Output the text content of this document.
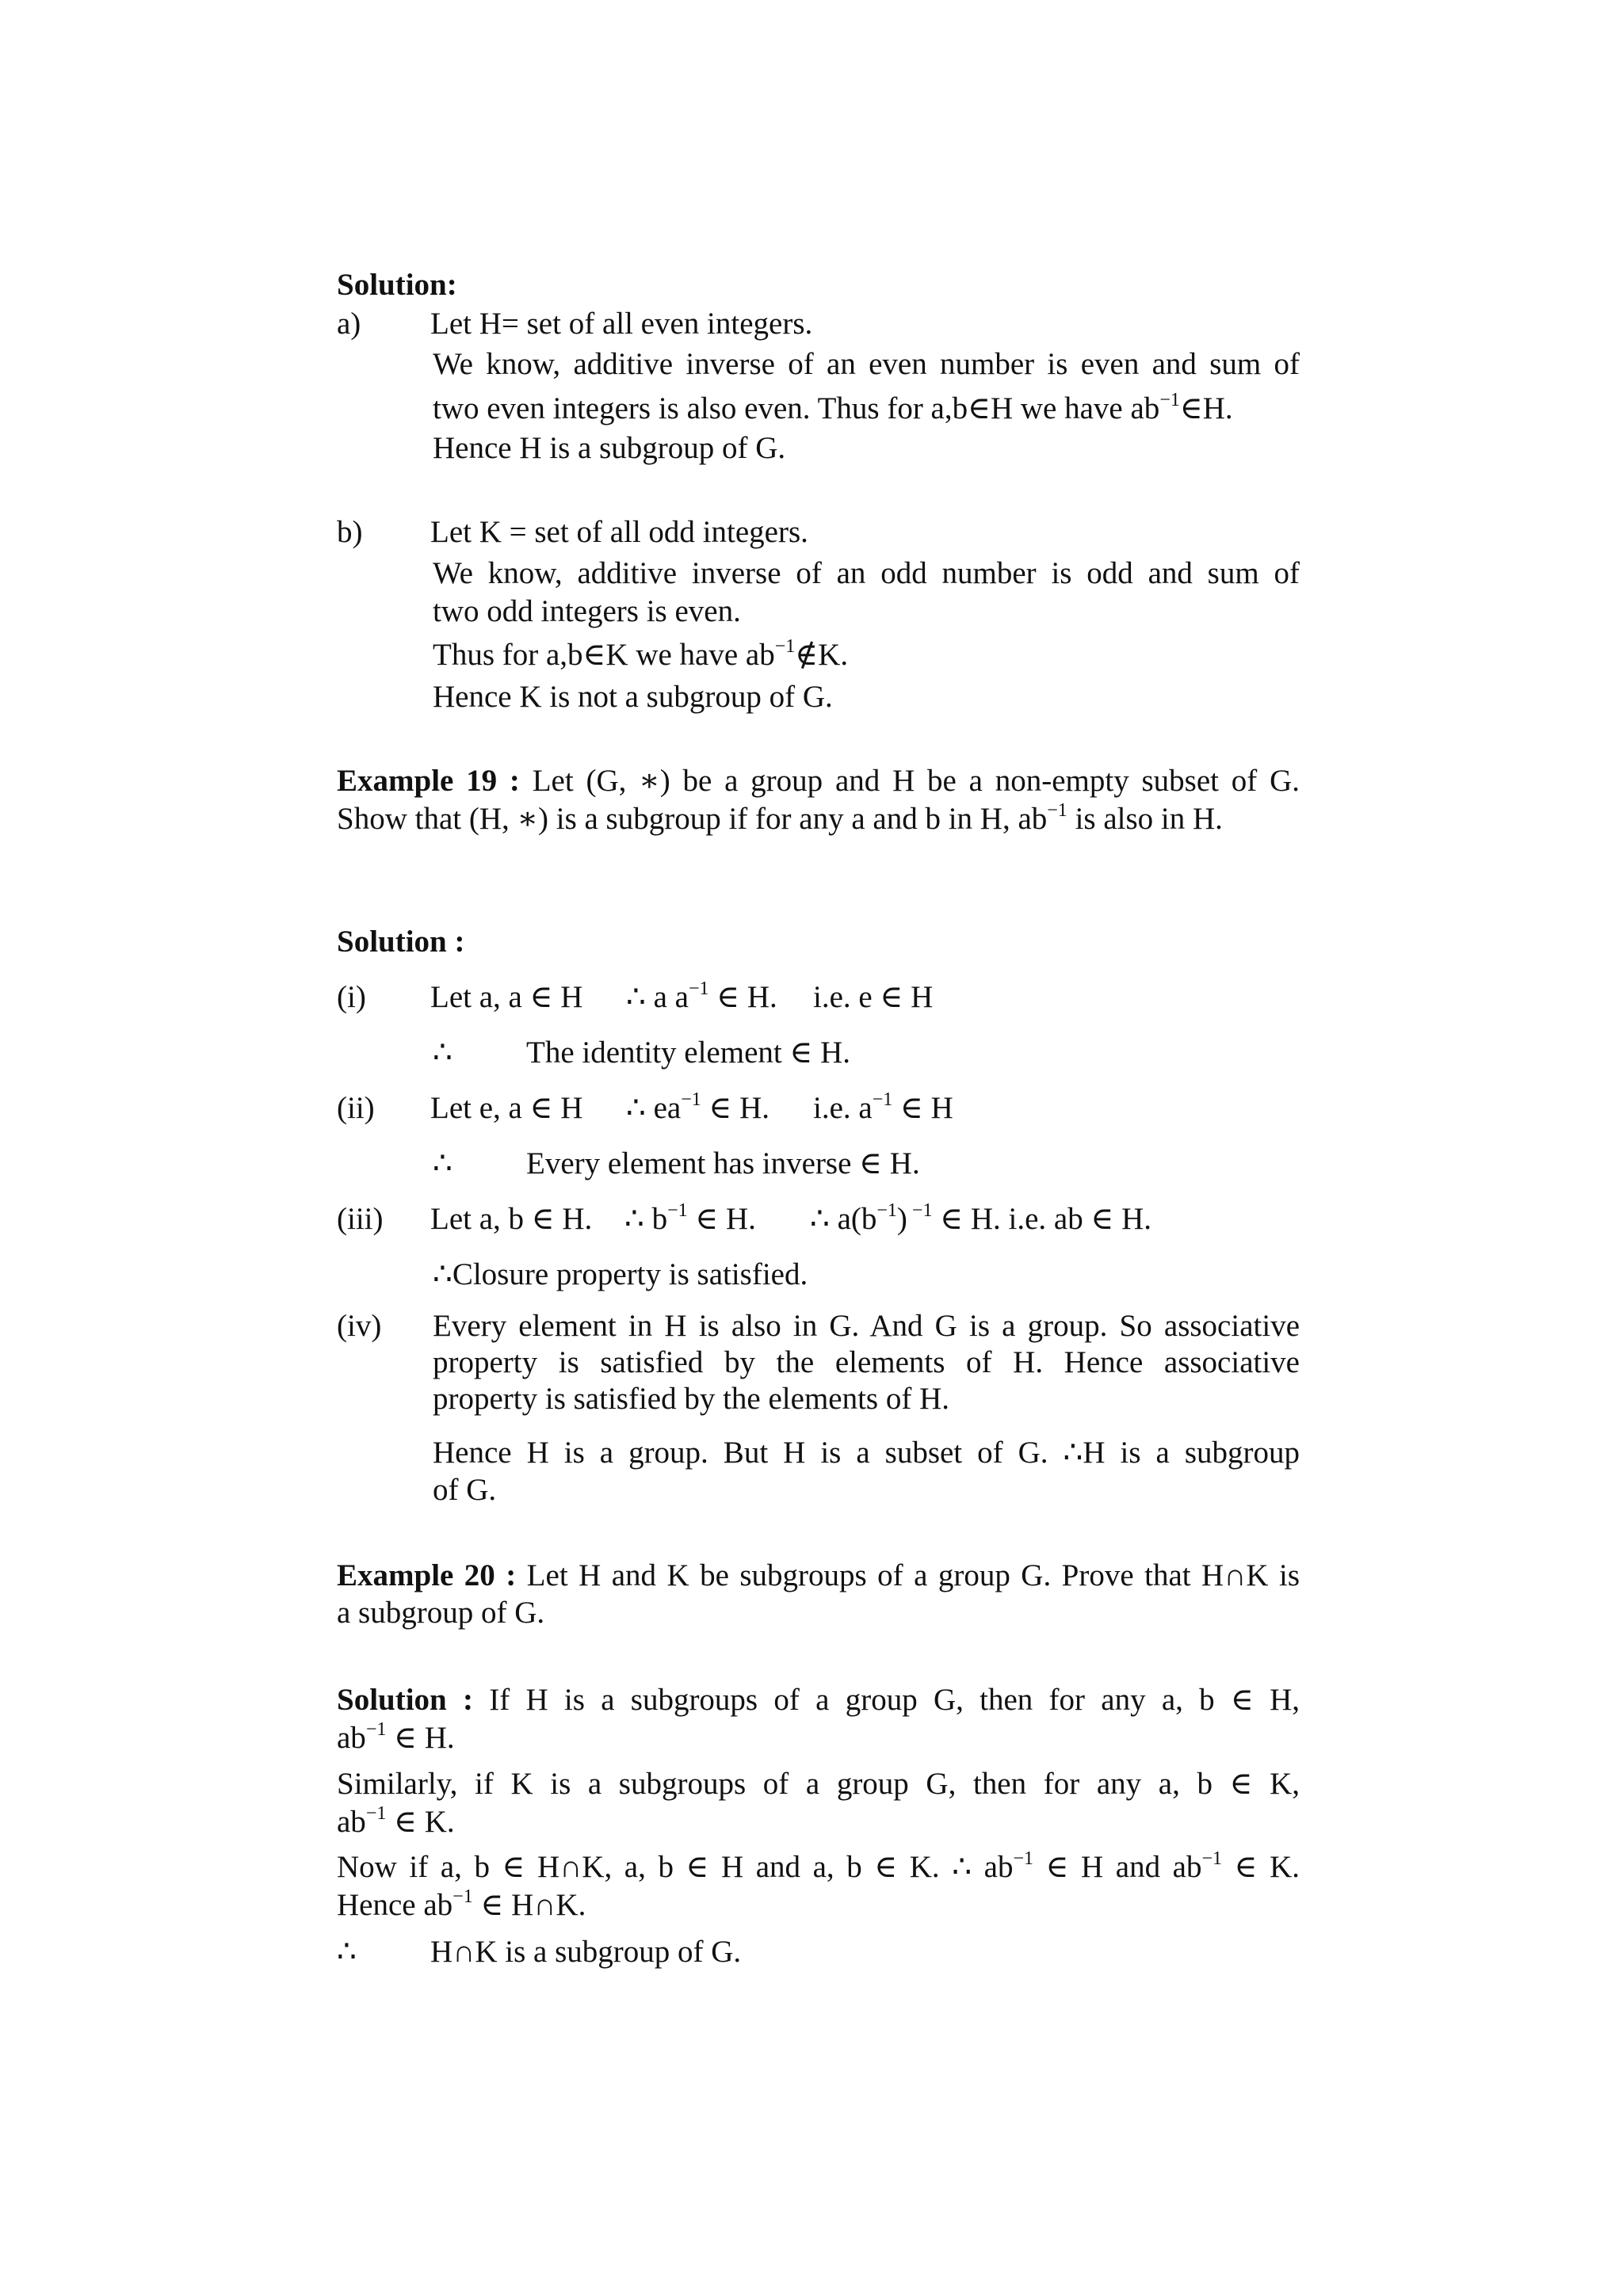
Solution:
a) Let H= set of all even integers.
We know, additive inverse of an even number is even and sum of
two even integers is also even. Thus for a,b∈H we have $ab^{-1}\in H$.
Hence H is a subgroup of G.
b) Let K = set of all odd integers.
We know, additive inverse of an odd number is odd and sum of
two odd integers is even.
Thus for a,b∈K we have $ab^{-1}\notin K$.
Hence K is not a subgroup of G.
Example 19 : Let (G, ∗) be a group and H be a non-empty subset of G.
Show that (H, ∗) is a subgroup if for any a and b in H, $ab^{-1}$ is also in H.
Solution :
(i) Let a, a ∈ H ∴ a $a^{-1}$ ∈ H. i.e. e ∈ H
∴ The identity element ∈ H.
(ii) Let e, a ∈ H ∴ $ea^{-1}$ ∈ H. i.e. $a^{-1}$ ∈ H
∴ Every element has inverse ∈ H.
(iii) Let a, b ∈ H. ∴ $b^{-1}$ ∈ H. ∴ $a(b^{-1})$ $^{-1}$ ∈ H. i.e. ab ∈ H.
∴Closure property is satisfied.
(iv) Every element in H is also in G. And G is a group. So associative
property is satisfied by the elements of H. Hence associative
property is satisfied by the elements of H.
Hence H is a group. But H is a subset of G. ∴H is a subgroup
of G.
Example 20 : Let H and K be subgroups of a group G. Prove that H∩K is
a subgroup of G.
Solution : If H is a subgroups of a group G, then for any a, b ∈ H,
$ab^{-1}$ ∈ H.
Similarly, if K is a subgroups of a group G, then for any a, b ∈ K,
$ab^{-1}$ ∈ K.
Now if a, b ∈ H∩K, a, b ∈ H and a, b ∈ K. ∴ $ab^{-1}$ ∈ H and $ab^{-1}$ ∈ K.
Hence $ab^{-1}$ ∈ H∩K.
∴ H∩K is a subgroup of G.
